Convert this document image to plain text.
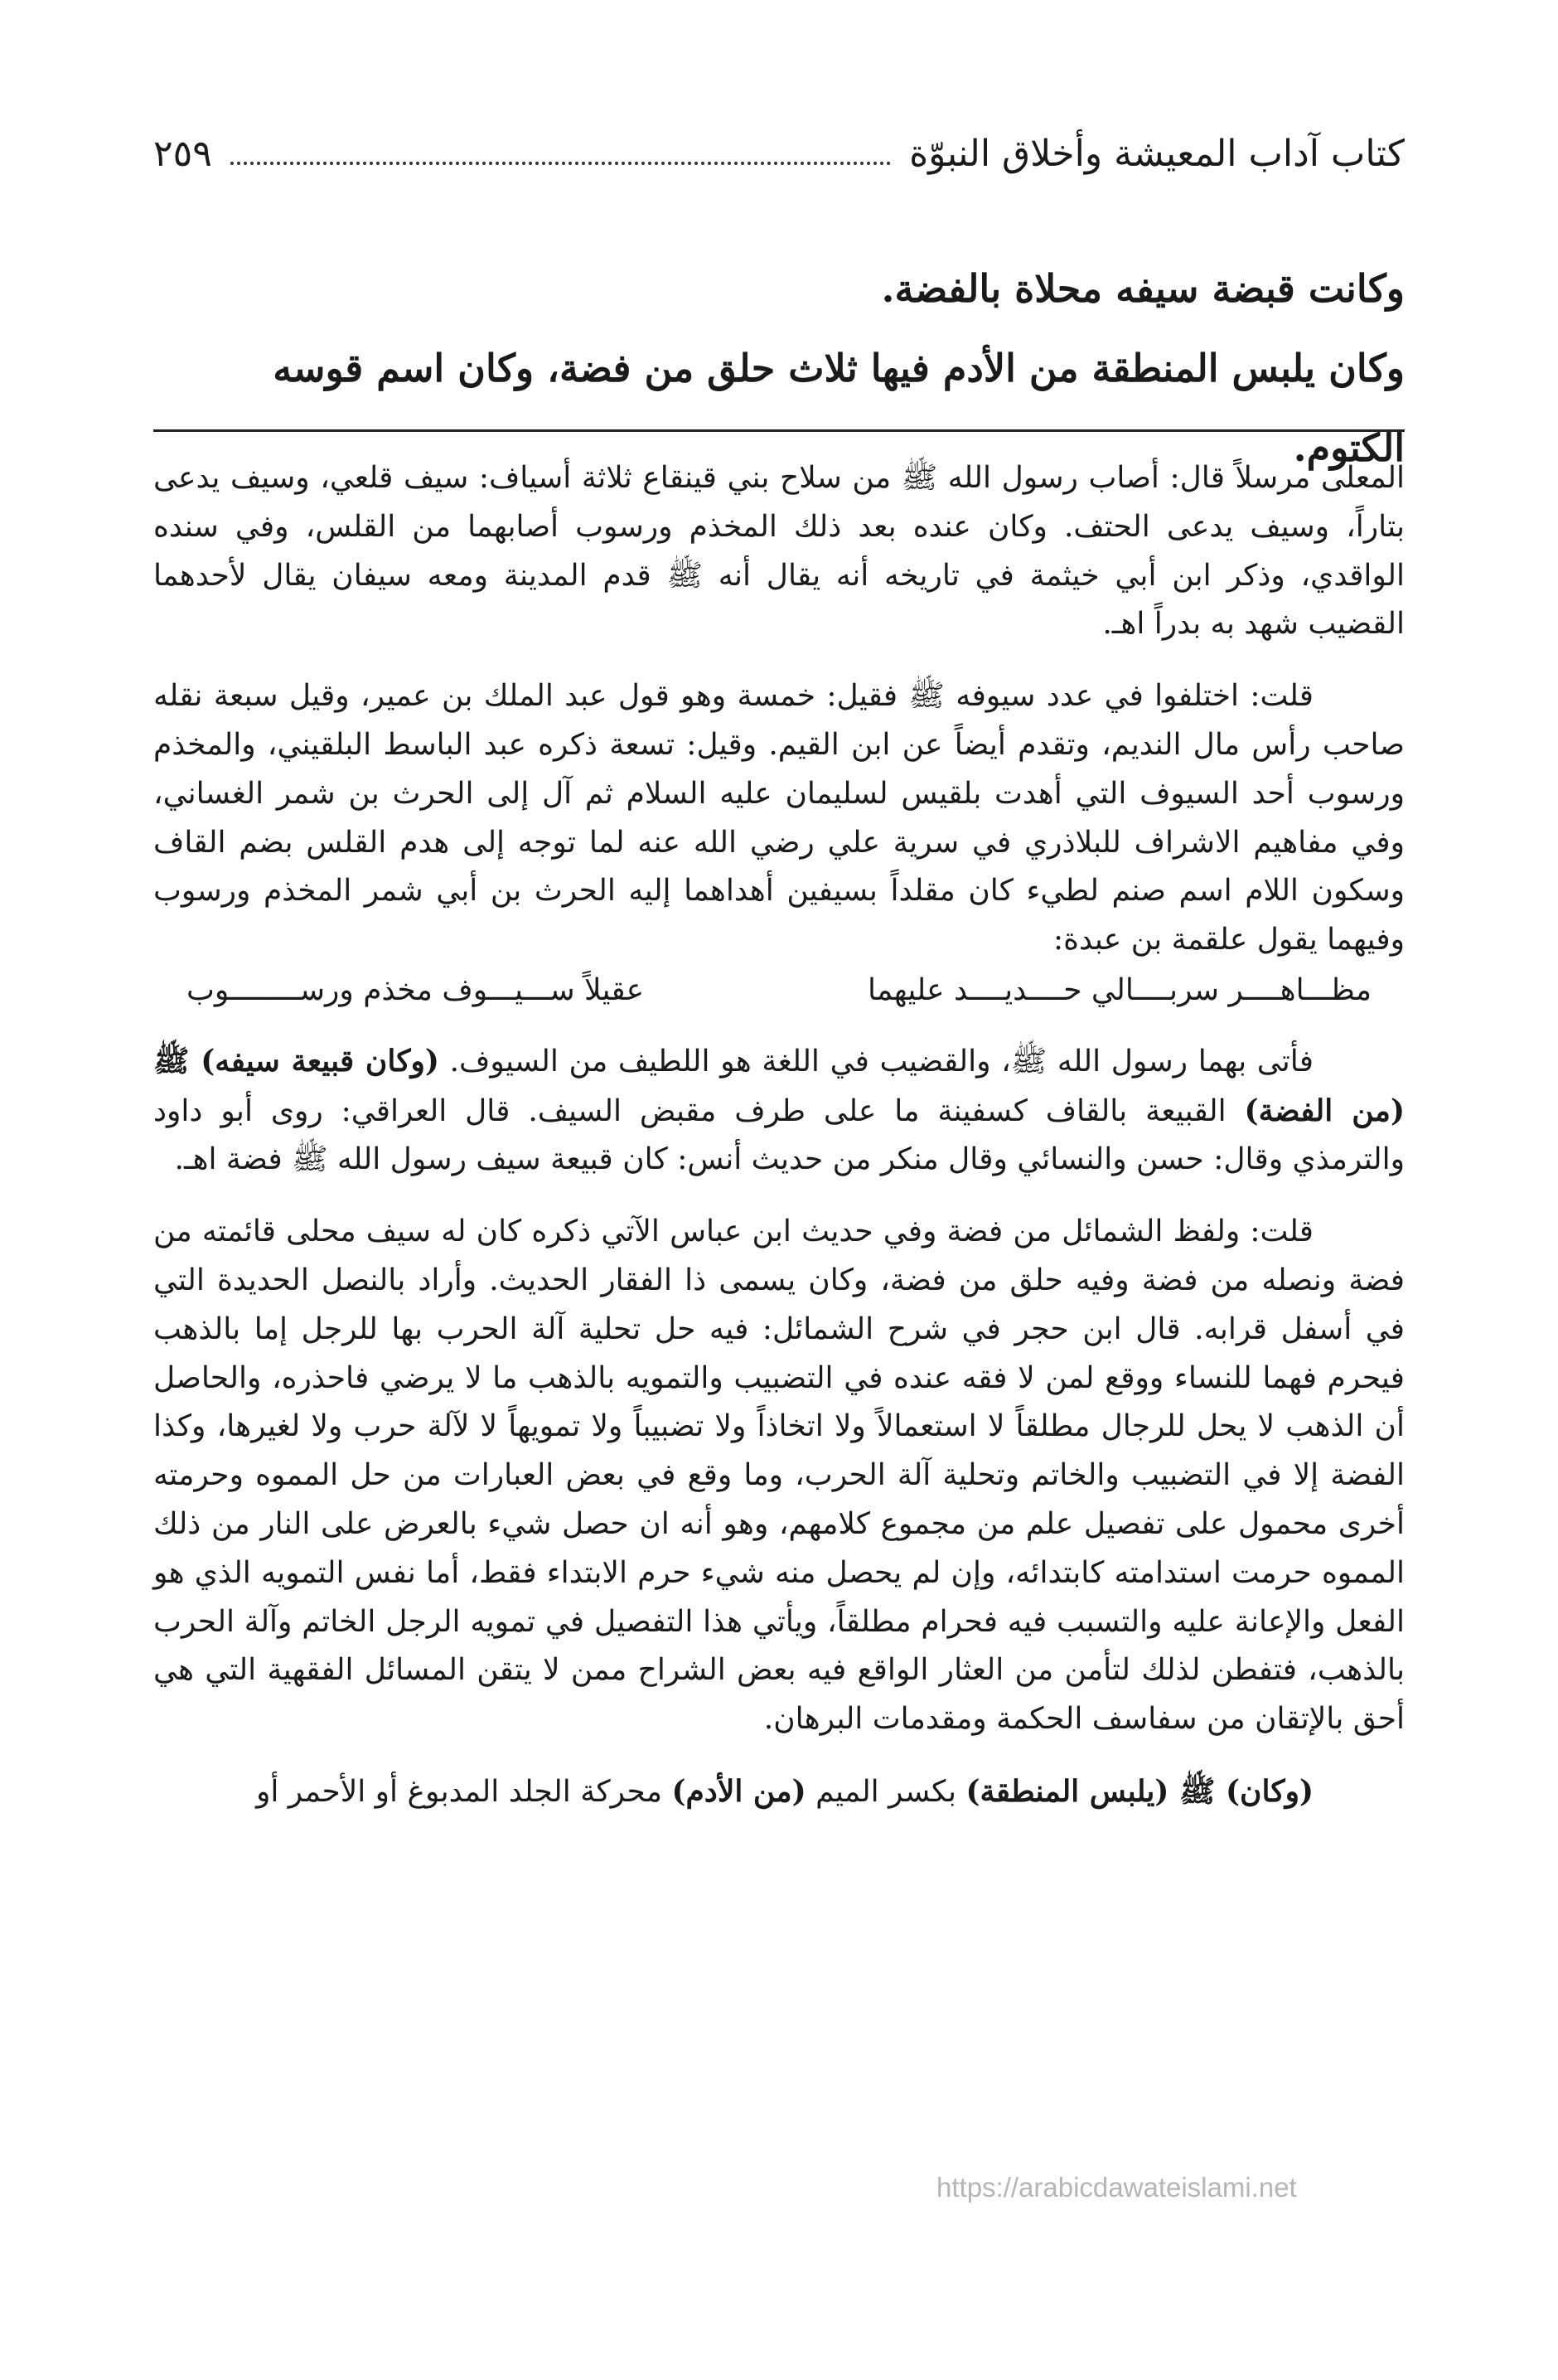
كتاب آداب المعيشة وأخلاق النبوّة
٢٥٩

وكانت قبضة سيفه محلاة بالفضة.

وكان يلبس المنطقة من الأدم فيها ثلاث حلق من فضة، وكان اسم قوسه الكتوم.

المعلى مرسلاً قال: أصاب رسول الله ﷺ من سلاح بني قينقاع ثلاثة أسياف: سيف قلعي، وسيف يدعى بتاراً، وسيف يدعى الحتف. وكان عنده بعد ذلك المخذم ورسوب أصابهما من القلس، وفي سنده الواقدي، وذكر ابن أبي خيثمة في تاريخه أنه يقال أنه ﷺ قدم المدينة ومعه سيفان يقال لأحدهما القضيب شهد به بدراً اهـ.

قلت: اختلفوا في عدد سيوفه ﷺ فقيل: خمسة وهو قول عبد الملك بن عمير، وقيل سبعة نقله صاحب رأس مال النديم، وتقدم أيضاً عن ابن القيم. وقيل: تسعة ذكره عبد الباسط البلقيني، والمخذم ورسوب أحد السيوف التي أهدت بلقيس لسليمان عليه السلام ثم آل إلى الحرث بن شمر الغساني، وفي مفاهيم الاشراف للبلاذري في سرية علي رضي الله عنه لما توجه إلى هدم القلس بضم القاف وسكون اللام اسم صنم لطيء كان مقلداً بسيفين أهداهما إليه الحرث بن أبي شمر المخذم ورسوب وفيهما يقول علقمة بن عبدة:

مظـــاهــــر سربــــالي حــــديــــد عليهما
عقيلاً ســـيـــوف مخذم ورســــــــوب

فأتى بهما رسول الله ﷺ، والقضيب في اللغة هو اللطيف من السيوف. (وكان قبيعة سيفه) ﷺ (من الفضة) القبيعة بالقاف كسفينة ما على طرف مقبض السيف. قال العراقي: روى أبو داود والترمذي وقال: حسن والنسائي وقال منكر من حديث أنس: كان قبيعة سيف رسول الله ﷺ فضة اهـ.

قلت: ولفظ الشمائل من فضة وفي حديث ابن عباس الآتي ذكره كان له سيف محلى قائمته من فضة ونصله من فضة وفيه حلق من فضة، وكان يسمى ذا الفقار الحديث. وأراد بالنصل الحديدة التي في أسفل قرابه. قال ابن حجر في شرح الشمائل: فيه حل تحلية آلة الحرب بها للرجل إما بالذهب فيحرم فهما للنساء ووقع لمن لا فقه عنده في التضبيب والتمويه بالذهب ما لا يرضي فاحذره، والحاصل أن الذهب لا يحل للرجال مطلقاً لا استعمالاً ولا اتخاذاً ولا تضبيباً ولا تمويهاً لا لآلة حرب ولا لغيرها، وكذا الفضة إلا في التضبيب والخاتم وتحلية آلة الحرب، وما وقع في بعض العبارات من حل المموه وحرمته أخرى محمول على تفصيل علم من مجموع كلامهم، وهو أنه ان حصل شيء بالعرض على النار من ذلك المموه حرمت استدامته كابتدائه، وإن لم يحصل منه شيء حرم الابتداء فقط، أما نفس التمويه الذي هو الفعل والإعانة عليه والتسبب فيه فحرام مطلقاً، ويأتي هذا التفصيل في تمويه الرجل الخاتم وآلة الحرب بالذهب، فتفطن لذلك لتأمن من العثار الواقع فيه بعض الشراح ممن لا يتقن المسائل الفقهية التي هي أحق بالإتقان من سفاسف الحكمة ومقدمات البرهان.

(وكان) ﷺ (يلبس المنطقة) بكسر الميم (من الأدم) محركة الجلد المدبوغ أو الأحمر أو

https://arabicdawateislami.net
